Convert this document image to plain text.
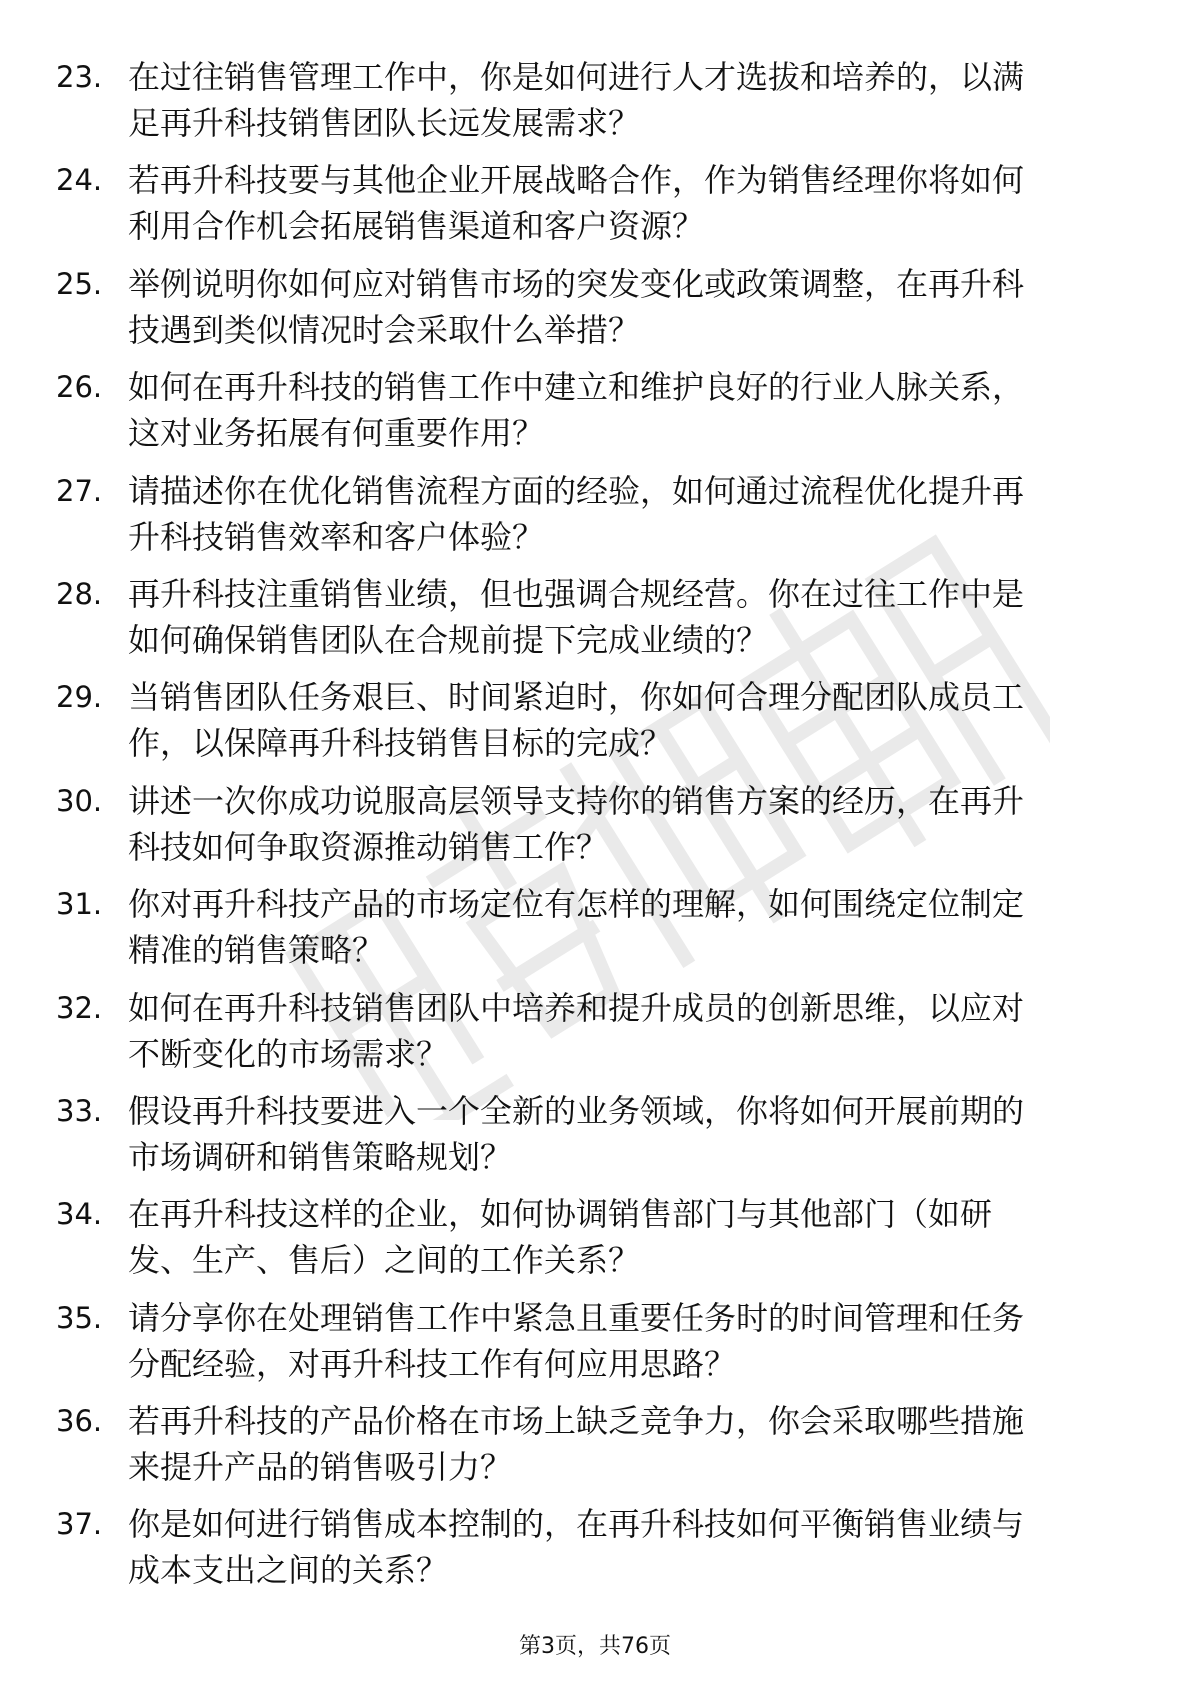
23. 在过往销售管理工作中，你是如何进行人才选拔和培养的，以满
足再升科技销售团队长远发展需求？
24. 若再升科技要与其他企业开展战略合作，作为销售经理你将如何
利用合作机会拓展销售渠道和客户资源？
25. 举例说明你如何应对销售市场的突发变化或政策调整，在再升科
技遇到类似情况时会采取什么举措？
26. 如何在再升科技的销售工作中建立和维护良好的行业人脉关系，
这对业务拓展有何重要作用？
27. 请描述你在优化销售流程方面的经验，如何通过流程优化提升再
升科技销售效率和客户体验？
28. 再升科技注重销售业绩，但也强调合规经营。你在过往工作中是
如何确保销售团队在合规前提下完成业绩的？
29. 当销售团队任务艰巨、时间紧迫时，你如何合理分配团队成员工
作，以保障再升科技销售目标的完成？
30. 讲述一次你成功说服高层领导支持你的销售方案的经历，在再升
科技如何争取资源推动销售工作？
31. 你对再升科技产品的市场定位有怎样的理解，如何围绕定位制定
精准的销售策略？
32. 如何在再升科技销售团队中培养和提升成员的创新思维，以应对
不断变化的市场需求？
33. 假设再升科技要进入一个全新的业务领域，你将如何开展前期的
市场调研和销售策略规划？
34. 在再升科技这样的企业，如何协调销售部门与其他部门（如研
发、生产、售后）之间的工作关系？
35. 请分享你在处理销售工作中紧急且重要任务时的时间管理和任务
分配经验，对再升科技工作有何应用思路？
36. 若再升科技的产品价格在市场上缺乏竞争力，你会采取哪些措施
来提升产品的销售吸引力？
37. 你是如何进行销售成本控制的，在再升科技如何平衡销售业绩与
成本支出之间的关系？
第3页，共76页
